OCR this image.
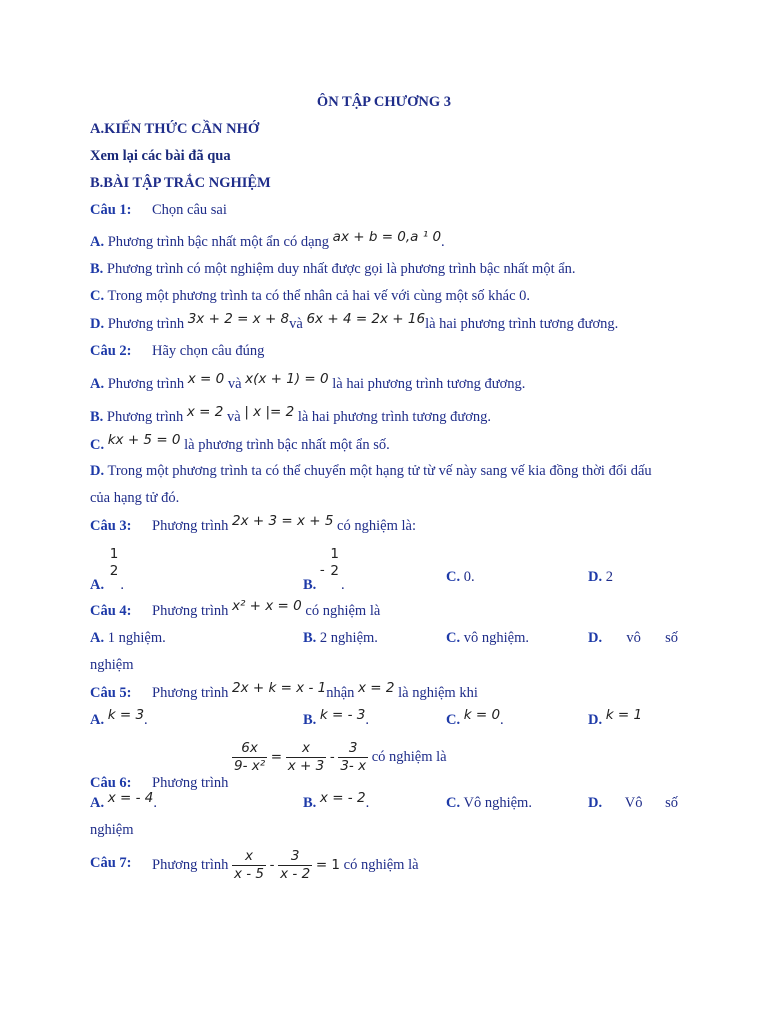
ÔN TẬP CHƯƠNG 3
A.KIẾN THỨC CẦN NHỚ
Xem lại các bài đã qua
B.BÀI TẬP TRẮC NGHIỆM
Câu 1: Chọn câu sai
A. Phương trình bậc nhất một ẩn có dạng ax + b = 0,a ¹ 0.
B. Phương trình có một nghiệm duy nhất được gọi là phương trình bậc nhất một ẩn.
C. Trong một phương trình ta có thể nhân cả hai vế với cùng một số khác 0.
D. Phương trình 3x + 2 = x + 8và 6x + 4 = 2x + 16là hai phương trình tương đương.
Câu 2: Hãy chọn câu đúng
A. Phương trình x = 0 và x(x + 1) = 0 là hai phương trình tương đương.
B. Phương trình x = 2 và | x |= 2 là hai phương trình tương đương.
C. kx + 5 = 0 là phương trình bậc nhất một ẩn số.
D. Trong một phương trình ta có thể chuyển một hạng tử từ vế này sang vế kia đồng thời đổi dấu
của hạng tử đó.
Câu 3: Phương trình 2x + 3 = x + 5 có nghiệm là:
A.
1
2
.	B. -
1
2
.
C. 0.	D. 2
Câu 4: Phương trình x² + x = 0 có nghiệm là
A. 1 nghiệm.	B. 2 nghiệm.	C. vô nghiệm.	D. vô số
nghiệm
Câu 5: Phương trình 2x + k = x - 1nhận x = 2 là nghiệm khi
A. k = 3.	B. k = - 3.	C. k = 0.	D. k = 1
Câu 6: Phương trình
$\frac{6x}{\text{9- x²}} = \frac{x}{x + 3} - \frac{3}{3- x}$ có nghiệm là
A. x = - 4.	B. x = - 2.	C. Vô nghiệm.	D. Vô số
nghiệm
Câu 7: Phương trình $\frac{x}{x - 5} - \frac{3}{x - 2} = 1$ có nghiệm là
